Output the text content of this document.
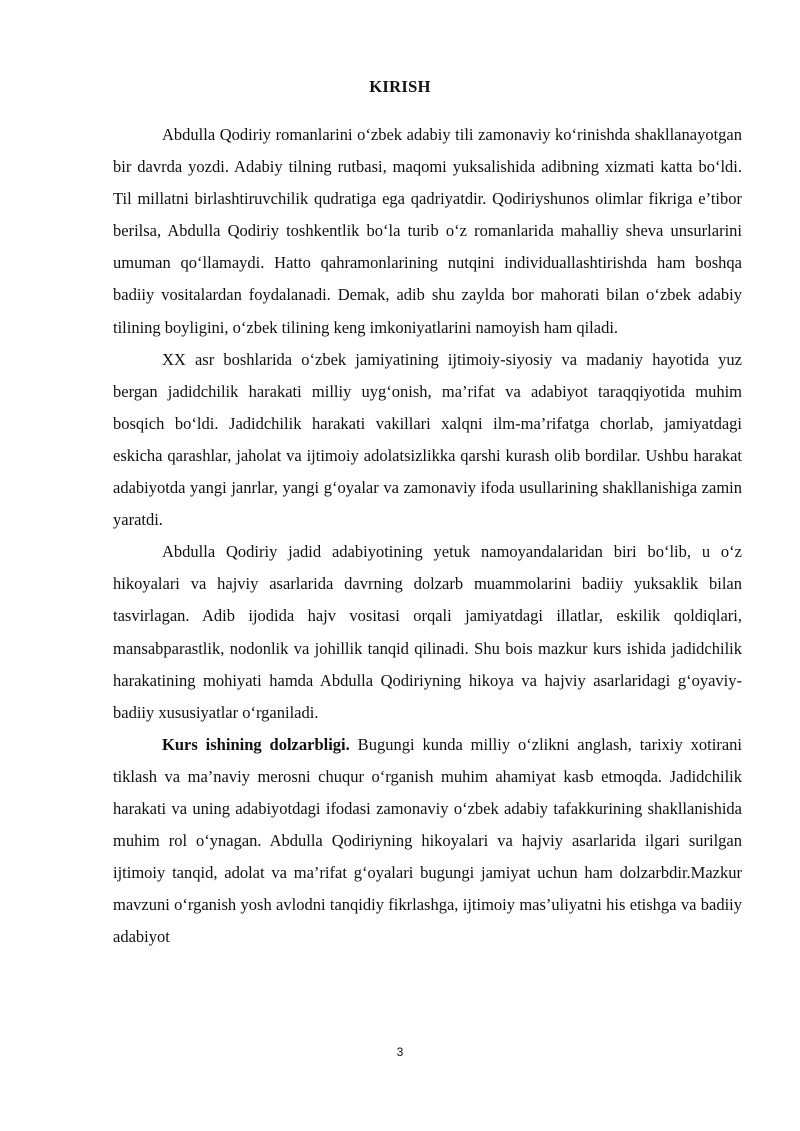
KIRISH

Abdulla Qodiriy romanlarini o‘zbek adabiy tili zamonaviy ko‘rinishda shakllanayotgan bir davrda yozdi. Adabiy tilning rutbasi, maqomi yuksalishida adibning xizmati katta bo‘ldi. Til millatni birlashtiruvchilik qudratiga ega qadriyatdir. Qodiriyshunos olimlar fikriga e’tibor berilsa, Abdulla Qodiriy toshkentlik bo‘la turib o‘z romanlarida mahalliy sheva unsurlarini umuman qo‘llamaydi. Hatto qahramonlarining nutqini individuallashtirishda ham boshqa badiiy vositalardan foydalanadi. Demak, adib shu zaylda bor mahorati bilan o‘zbek adabiy tilining boyligini, o‘zbek tilining keng imkoniyatlarini namoyish ham qiladi.

XX asr boshlarida o‘zbek jamiyatining ijtimoiy-siyosiy va madaniy hayotida yuz bergan jadidchilik harakati milliy uyg‘onish, ma’rifat va adabiyot taraqqiyotida muhim bosqich bo‘ldi. Jadidchilik harakati vakillari xalqni ilm-ma’rifatga chorlab, jamiyatdagi eskicha qarashlar, jaholat va ijtimoiy adolatsizlikka qarshi kurash olib bordilar. Ushbu harakat adabiyotda yangi janrlar, yangi g‘oyalar va zamonaviy ifoda usullarining shakllanishiga zamin yaratdi.

Abdulla Qodiriy jadid adabiyotining yetuk namoyandalaridan biri bo‘lib, u o‘z hikoyalari va hajviy asarlarida davrning dolzarb muammolarini badiiy yuksaklik bilan tasvirlagan. Adib ijodida hajv vositasi orqali jamiyatdagi illatlar, eskilik qoldiqlari, mansabparastlik, nodonlik va johillik tanqid qilinadi. Shu bois mazkur kurs ishida jadidchilik harakatining mohiyati hamda Abdulla Qodiriyning hikoya va hajviy asarlaridagi g‘oyaviy-badiiy xususiyatlar o‘rganiladi.

Kurs ishining dolzarbligi. Bugungi kunda milliy o‘zlikni anglash, tarixiy xotirani tiklash va ma’naviy merosni chuqur o‘rganish muhim ahamiyat kasb etmoqda. Jadidchilik harakati va uning adabiyotdagi ifodasi zamonaviy o‘zbek adabiy tafakkurining shakllanishida muhim rol o‘ynagan. Abdulla Qodiriyning hikoyalari va hajviy asarlarida ilgari surilgan ijtimoiy tanqid, adolat va ma’rifat g‘oyalari bugungi jamiyat uchun ham dolzarbdir.Mazkur mavzuni o‘rganish yosh avlodni tanqidiy fikrlashga, ijtimoiy mas’uliyatni his etishga va badiiy adabiyot

3
